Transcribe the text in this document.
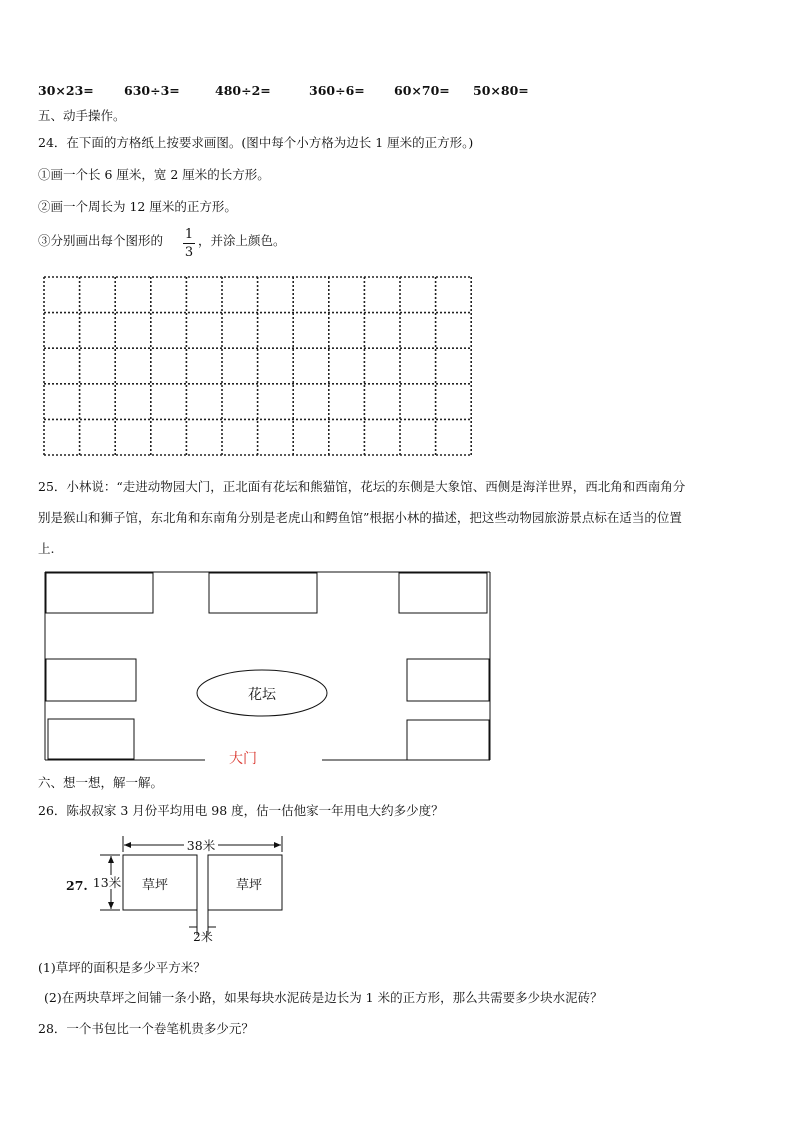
30×23= 630÷3=	480÷2=	360÷6= 60×70= 50×80=
五、动手操作。
24．在下面的方格纸上按要求画图。(图中每个小方格为边长 1 厘米的正方形。)
①画一个长 6 厘米，宽 2 厘米的长方形。
②画一个周长为 12 厘米的正方形。
③分别画出每个图形的 1
3
，并涂上颜色。
25．小林说：“走进动物园大门，正北面有花坛和熊猫馆，花坛的东侧是大象馆、西侧是海洋世界，西北角和西南角分
别是猴山和狮子馆，东北角和东南角分别是老虎山和鳄鱼馆”根据小林的描述，把这些动物园旅游景点标在适当的位置
上.
花坛
大门
六、想一想，解一解。
26．陈叔叔家 3 月份平均用电 98 度，估一估他家一年用电大约多少度？
27.
38米
13米 草坪	草坪
2米
(1)草坪的面积是多少平方米？
(2)在两块草坪之间铺一条小路，如果每块水泥砖是边长为 1 米的正方形，那么共需要多少块水泥砖？
28．一个书包比一个卷笔机贵多少元？
